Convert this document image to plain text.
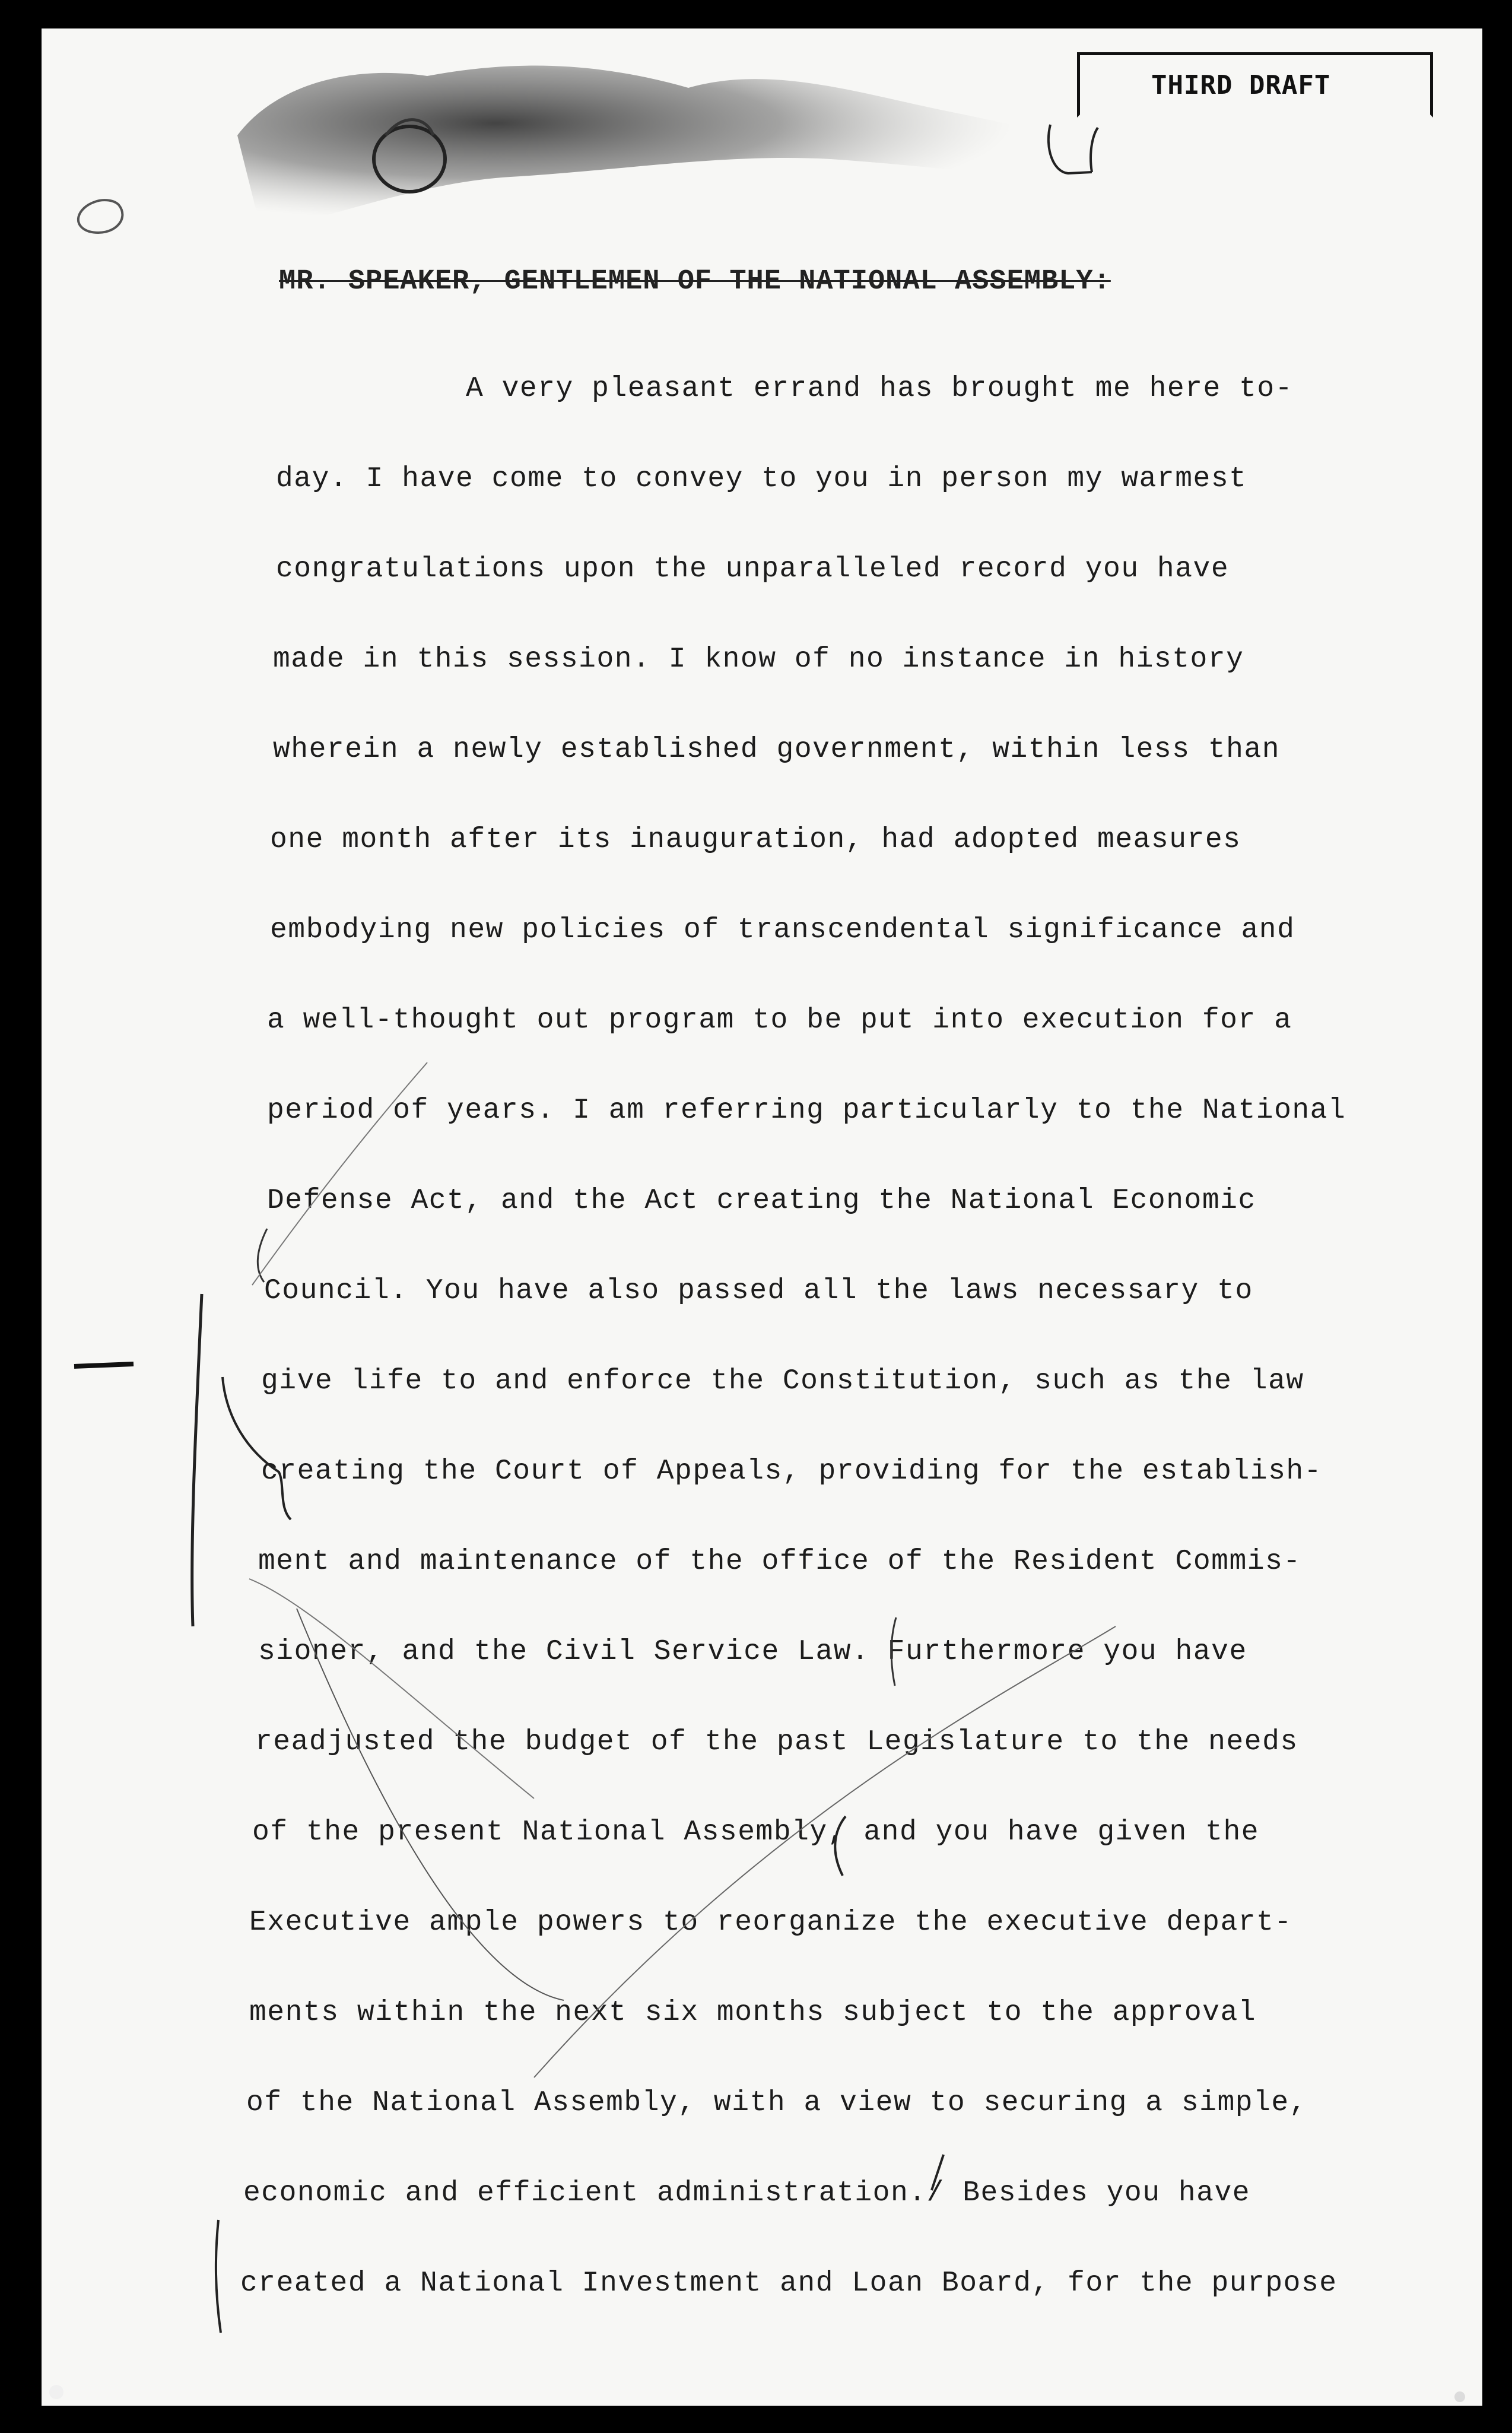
THIRD DRAFT
MR. SPEAKER, GENTLEMEN OF THE NATIONAL ASSEMBLY:
A very pleasant errand has brought me here to-
day. I have come to convey to you in person my warmest
congratulations upon the unparalleled record you have
made in this session. I know of no instance in history
wherein a newly established government, within less than
one month after its inauguration, had adopted measures
embodying new policies of transcendental significance and
a well-thought out program to be put into execution for a
period of years. I am referring particularly to the National
Defense Act, and the Act creating the National Economic
Council. You have also passed all the laws necessary to
give life to and enforce the Constitution, such as the law
creating the Court of Appeals, providing for the establish-
ment and maintenance of the office of the Resident Commis-
sioner, and the Civil Service Law. Furthermore you have
readjusted the budget of the past Legislature to the needs
of the present National Assembly, and you have given the
Executive ample powers to reorganize the executive depart-
ments within the next six months subject to the approval
of the National Assembly, with a view to securing a simple,
economic and efficient administration./ Besides you have
created a National Investment and Loan Board, for the purpose
